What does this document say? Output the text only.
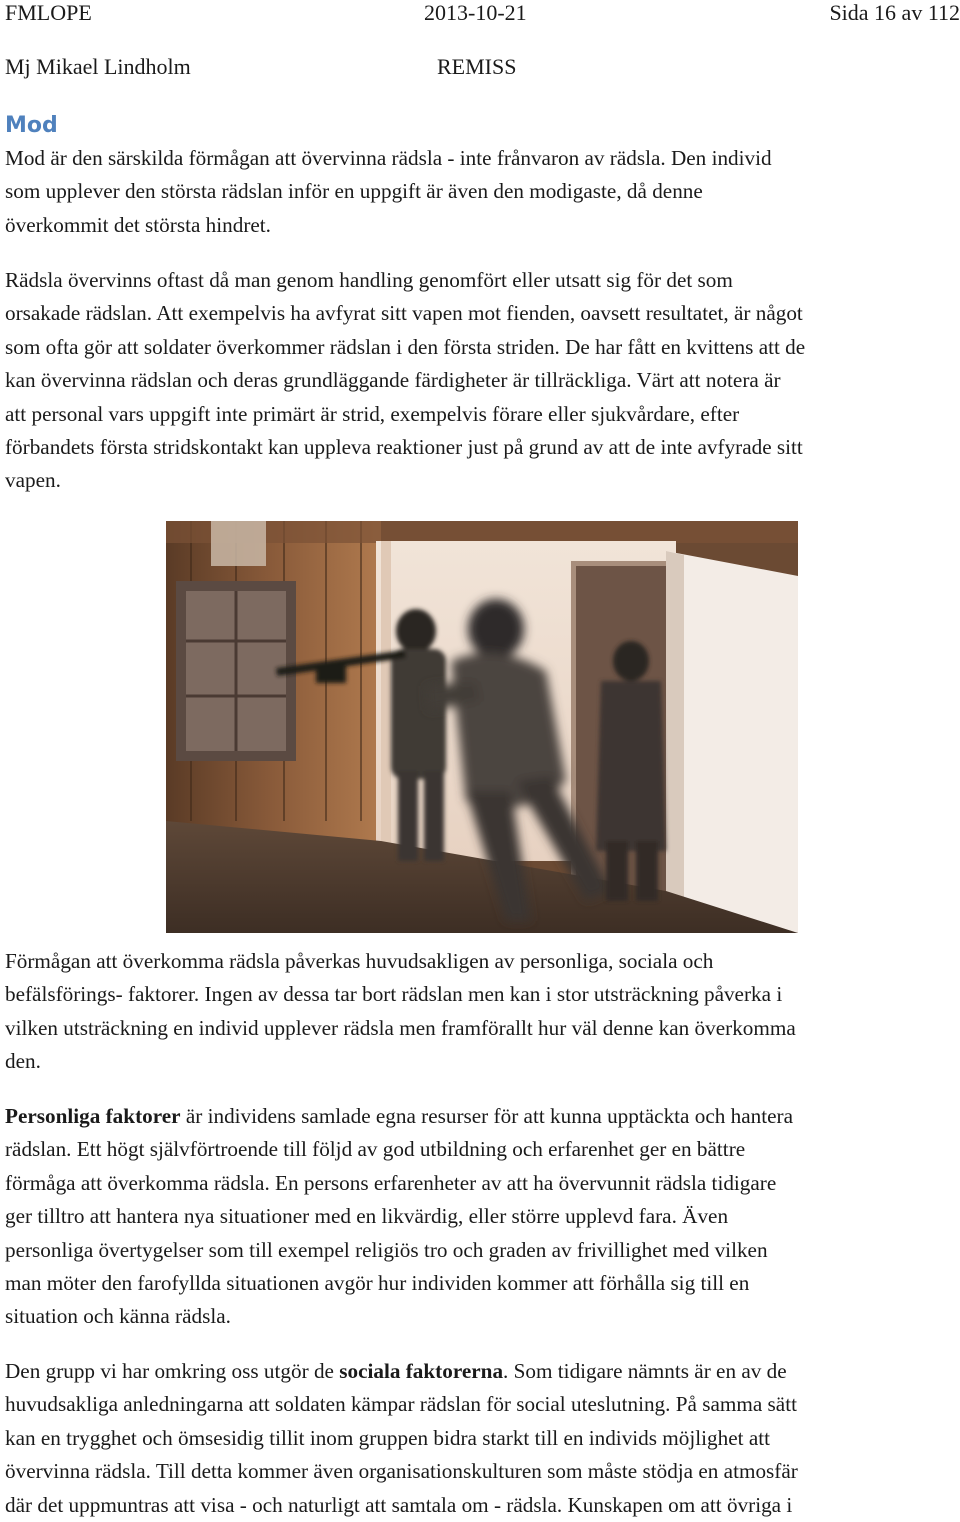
FMLOPE	2013-10-21	Sida 16 av 112
Mj Mikael Lindholm	REMISS
Mod

Mod är den särskilda förmågan att övervinna rädsla - inte frånvaron av rädsla. Den individ
som upplever den största rädslan inför en uppgift är även den modigaste, då denne
överkommit det största hindret.

Rädsla övervinns oftast då man genom handling genomfört eller utsatt sig för det som
orsakade rädslan. Att exempelvis ha avfyrat sitt vapen mot fienden, oavsett resultatet, är något
som ofta gör att soldater överkommer rädslan i den första striden. De har fått en kvittens att de
kan övervinna rädslan och deras grundläggande färdigheter är tillräckliga. Värt att notera är
att personal vars uppgift inte primärt är strid, exempelvis förare eller sjukvårdare, efter
förbandets första stridskontakt kan uppleva reaktioner just på grund av att de inte avfyrade sitt
vapen.

Förmågan att överkomma rädsla påverkas huvudsakligen av personliga, sociala och
befälsförings- faktorer. Ingen av dessa tar bort rädslan men kan i stor utsträckning påverka i
vilken utsträckning en individ upplever rädsla men framförallt hur väl denne kan överkomma
den.

Personliga faktorer är individens samlade egna resurser för att kunna upptäckta och hantera
rädslan. Ett högt självförtroende till följd av god utbildning och erfarenhet ger en bättre
förmåga att överkomma rädsla. En persons erfarenheter av att ha övervunnit rädsla tidigare
ger tilltro att hantera nya situationer med en likvärdig, eller större upplevd fara. Även
personliga övertygelser som till exempel religiös tro och graden av frivillighet med vilken
man möter den farofyllda situationen avgör hur individen kommer att förhålla sig till en
situation och känna rädsla.

Den grupp vi har omkring oss utgör de sociala faktorerna. Som tidigare nämnts är en av de
huvudsakliga anledningarna att soldaten kämpar rädslan för social uteslutning. På samma sätt
kan en trygghet och ömsesidig tillit inom gruppen bidra starkt till en individs möjlighet att
övervinna rädsla. Till detta kommer även organisationskulturen som måste stödja en atmosfär
där det uppmuntras att visa - och naturligt att samtala om - rädsla. Kunskapen om att övriga i
